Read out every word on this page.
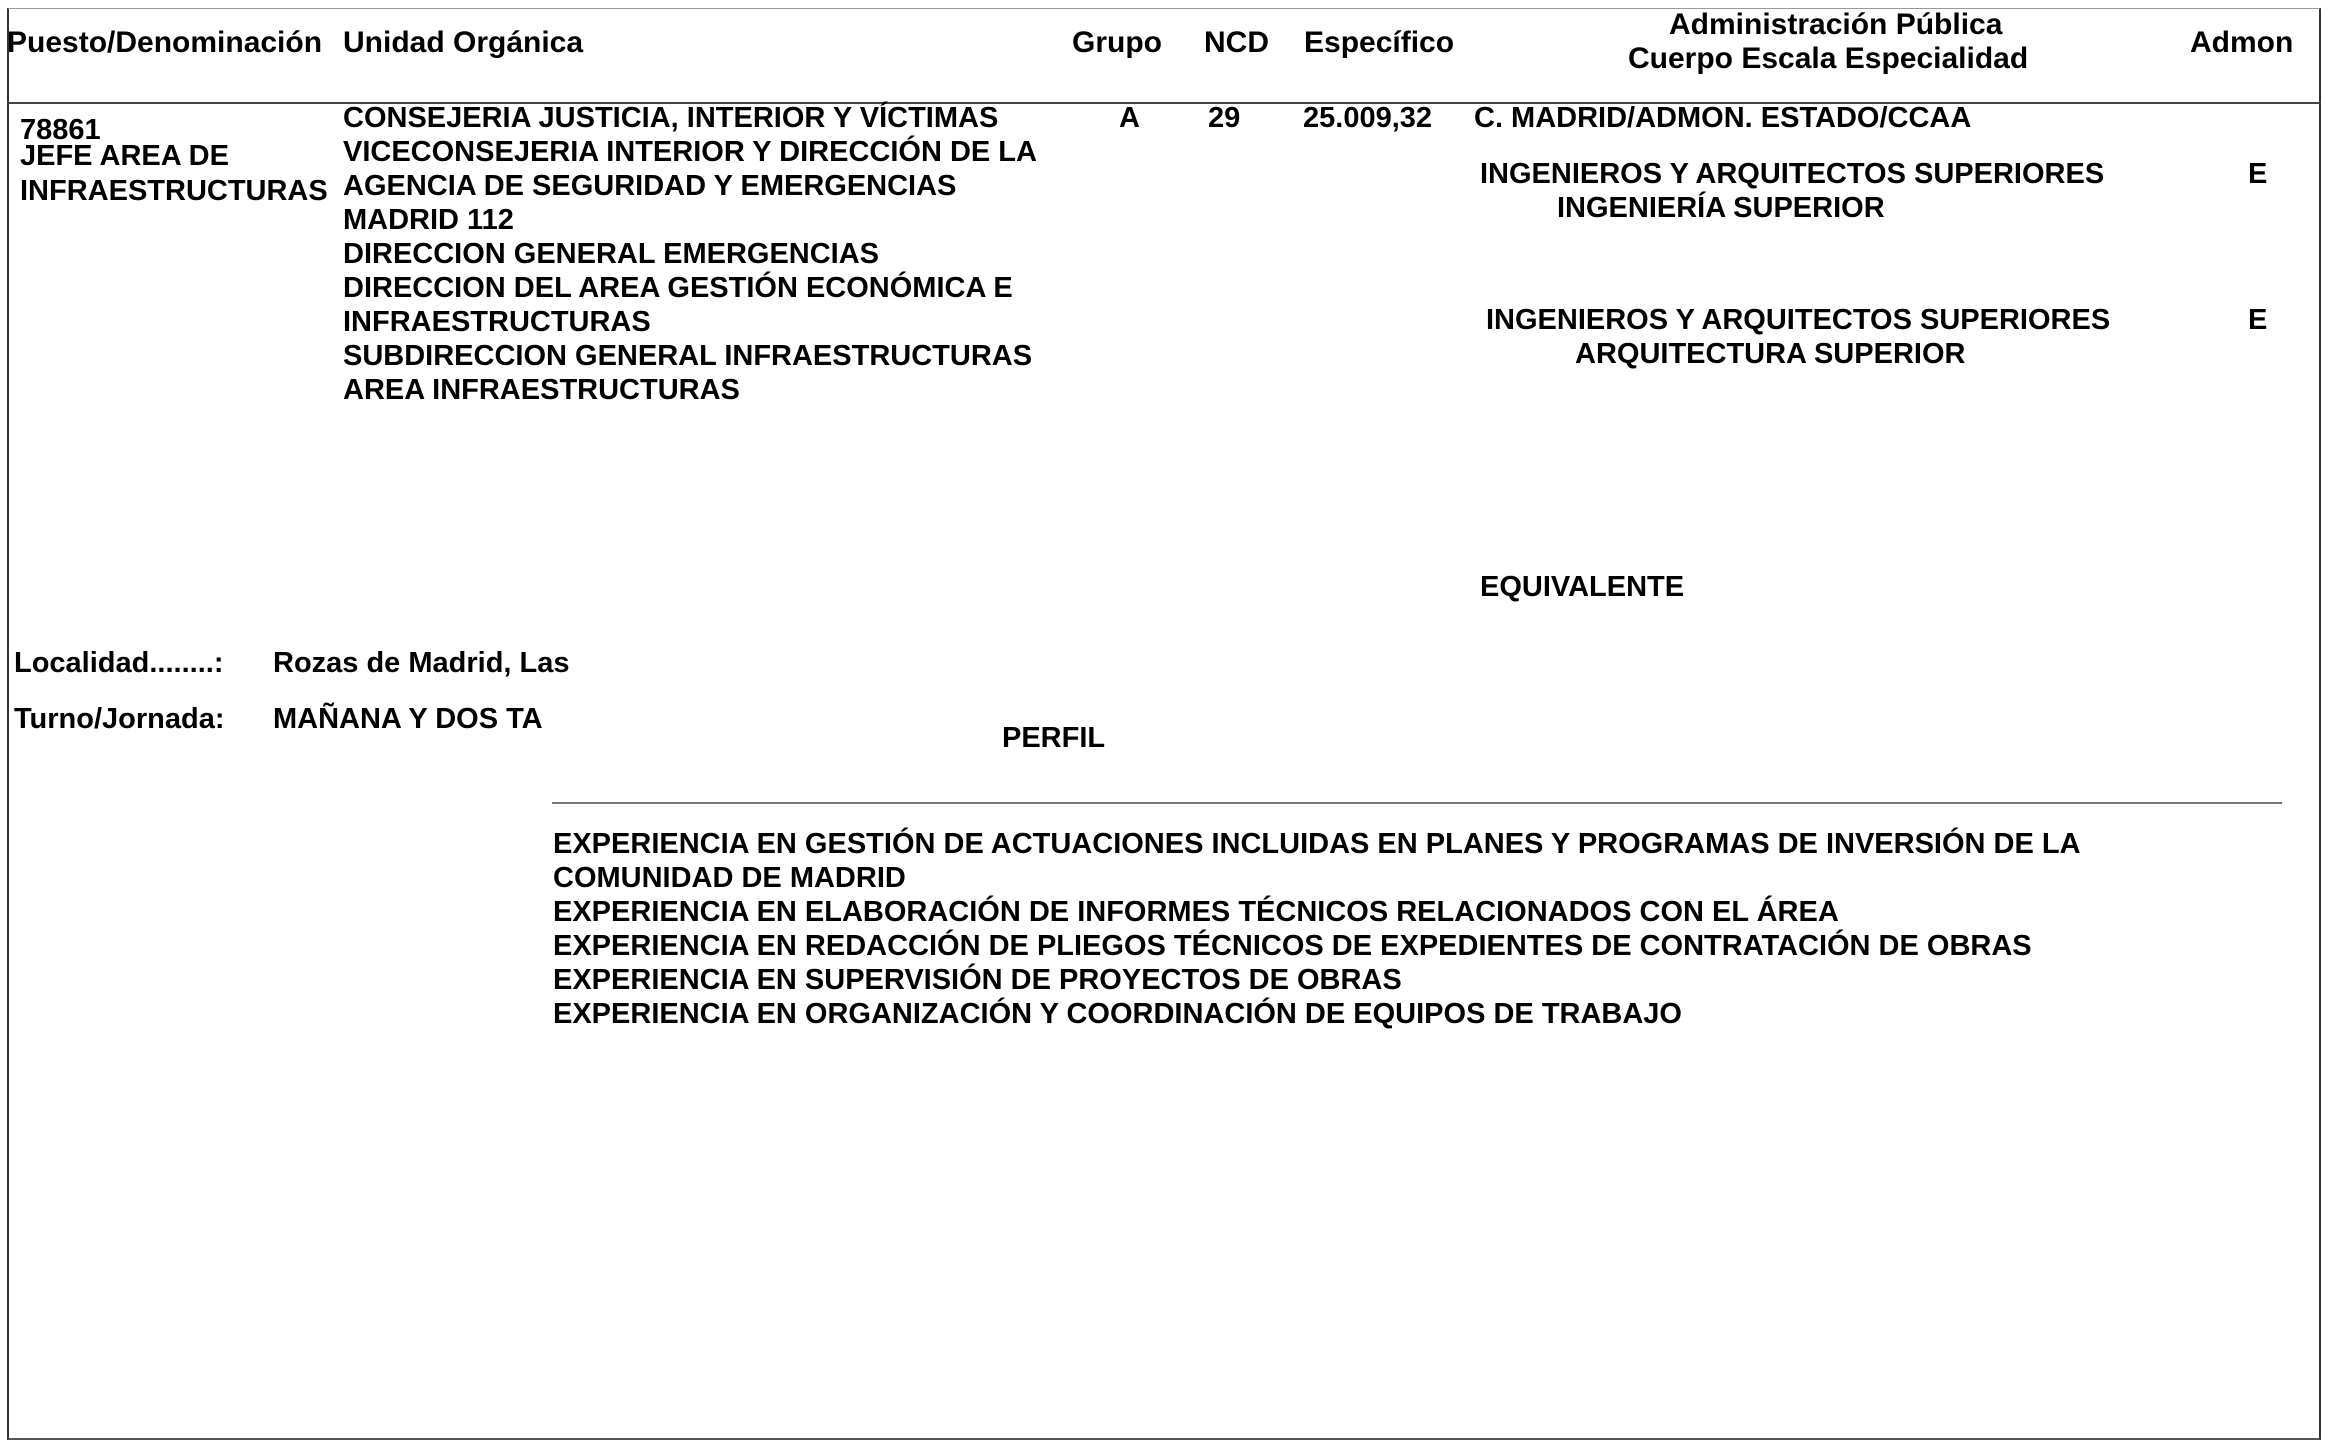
Puesto/Denominación Unidad Orgánica	Grupo NCD Específico
Administración Pública
Cuerpo Escala Especialidad	Admon
78861
JEFE AREA DE
INFRAESTRUCTURAS
CONSEJERIA JUSTICIA, INTERIOR Y VÍCTIMAS
VICECONSEJERIA INTERIOR Y DIRECCIÓN DE LA
AGENCIA DE SEGURIDAD Y EMERGENCIAS
MADRID 112
DIRECCION GENERAL EMERGENCIAS
DIRECCION DEL AREA GESTIÓN ECONÓMICA E
INFRAESTRUCTURAS
SUBDIRECCION GENERAL INFRAESTRUCTURAS
AREA INFRAESTRUCTURAS
A 29 25.009,32 C. MADRID/ADMON. ESTADO/CCAA
INGENIEROS Y ARQUITECTOS SUPERIORES
INGENIERÍA SUPERIOR
E
INGENIEROS Y ARQUITECTOS SUPERIORES
ARQUITECTURA SUPERIOR
E
EQUIVALENTE
Localidad........: Rozas de Madrid, Las
Turno/Jornada: MAÑANA Y DOS TA
PERFIL
EXPERIENCIA EN GESTIÓN DE ACTUACIONES INCLUIDAS EN PLANES Y PROGRAMAS DE INVERSIÓN DE LA
COMUNIDAD DE MADRID
EXPERIENCIA EN ELABORACIÓN DE INFORMES TÉCNICOS RELACIONADOS CON EL ÁREA
EXPERIENCIA EN REDACCIÓN DE PLIEGOS TÉCNICOS DE EXPEDIENTES DE CONTRATACIÓN DE OBRAS
EXPERIENCIA EN SUPERVISIÓN DE PROYECTOS DE OBRAS
EXPERIENCIA EN ORGANIZACIÓN Y COORDINACIÓN DE EQUIPOS DE TRABAJO
